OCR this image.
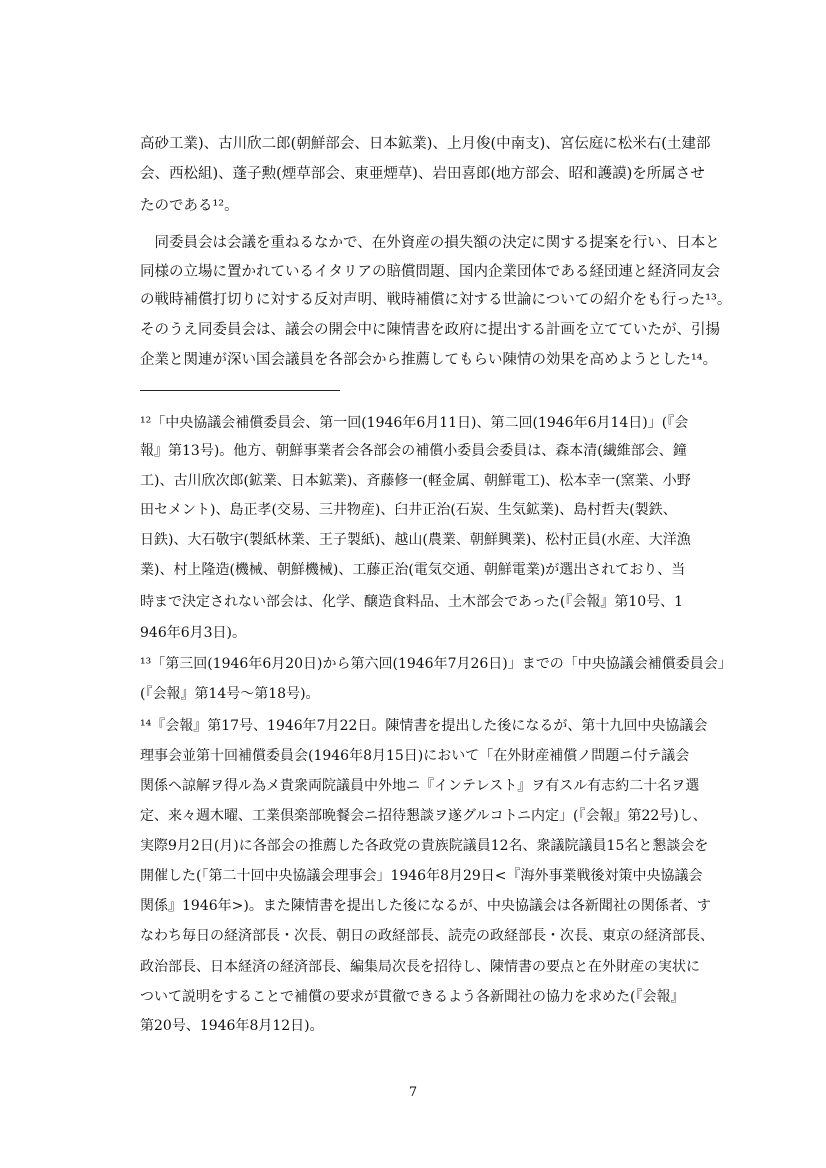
高砂工業)、古川欣二郎(朝鮮部会、日本鉱業)、上月俊(中南支)、宮伝庭に松米右(土建部
会、西松組)、蓬子勲(煙草部会、東亜煙草)、岩田喜郎(地方部会、昭和護謨)を所属させ
たのである¹²。
　同委員会は会議を重ねるなかで、在外資産の損失額の決定に関する提案を行い、日本と
同様の立場に置かれているイタリアの賠償問題、国内企業団体である経団連と経済同友会
の戦時補償打切りに対する反対声明、戦時補償に対する世論についての紹介をも行った¹³。
そのうえ同委員会は、議会の開会中に陳情書を政府に提出する計画を立てていたが、引揚
企業と関連が深い国会議員を各部会から推薦してもらい陳情の効果を高めようとした¹⁴。
¹²「中央協議会補償委員会、第一回(1946年6月11日)、第二回(1946年6月14日)」(『会
報』第13号)。他方、朝鮮事業者会各部会の補償小委員会委員は、森本清(繊維部会、鐘
工)、古川欣次郎(鉱業、日本鉱業)、斉藤修一(軽金属、朝鮮電工)、松本幸一(窯業、小野
田セメント)、島正孝(交易、三井物産)、臼井正治(石炭、生気鉱業)、島村哲夫(製鉄、
日鉄)、大石敬宇(製紙林業、王子製紙)、越山(農業、朝鮮興業)、松村正員(水産、大洋漁
業)、村上隆造(機械、朝鮮機械)、工藤正治(電気交通、朝鮮電業)が選出されており、当
時まで決定されない部会は、化学、醸造食料品、土木部会であった(『会報』第10号、1
946年6月3日)。
¹³「第三回(1946年6月20日)から第六回(1946年7月26日)」までの「中央協議会補償委員会」
(『会報』第14号～第18号)。
¹⁴『会報』第17号、1946年7月22日。陳情書を提出した後になるが、第十九回中央協議会
理事会並第十回補償委員会(1946年8月15日)において「在外財産補償ノ問題ニ付テ議会
関係ヘ諒解ヲ得ル為メ貴衆両院議員中外地ニ『インテレスト』ヲ有スル有志約二十名ヲ選
定、来々週木曜、工業倶楽部晩餐会ニ招待懇談ヲ遂グルコトニ内定」(『会報』第22号)し、
実際9月2日(月)に各部会の推薦した各政党の貴族院議員12名、衆議院議員15名と懇談会を
開催した(「第二十回中央協議会理事会」1946年8月29日<『海外事業戦後対策中央協議会
関係』1946年>)。また陳情書を提出した後になるが、中央協議会は各新聞社の関係者、す
なわち毎日の経済部長・次長、朝日の政経部長、読売の政経部長・次長、東京の経済部長、
政治部長、日本経済の経済部長、編集局次長を招待し、陳情書の要点と在外財産の実状に
ついて説明をすることで補償の要求が貫徹できるよう各新聞社の協力を求めた(『会報』
第20号、1946年8月12日)。
7
